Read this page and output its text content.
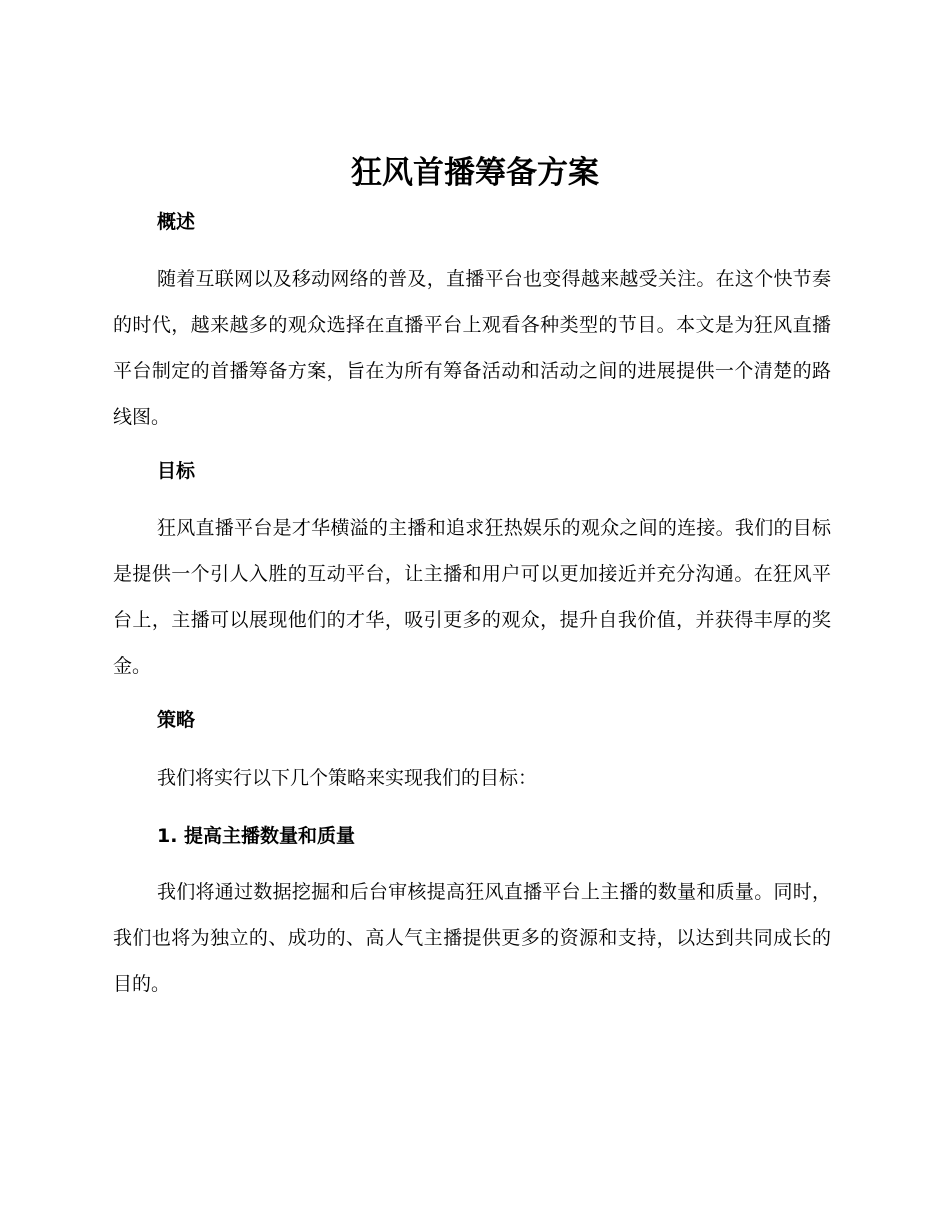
狂风首播筹备方案
概述

随着互联网以及移动网络的普及，直播平台也变得越来越受关注。在这个快节奏的时代，越来越多的观众选择在直播平台上观看各种类型的节目。本文是为狂风直播平台制定的首播筹备方案，旨在为所有筹备活动和活动之间的进展提供一个清楚的路线图。

目标

狂风直播平台是才华横溢的主播和追求狂热娱乐的观众之间的连接。我们的目标是提供一个引人入胜的互动平台，让主播和用户可以更加接近并充分沟通。在狂风平台上，主播可以展现他们的才华，吸引更多的观众，提升自我价值，并获得丰厚的奖金。

策略

我们将实行以下几个策略来实现我们的目标：

1. 提高主播数量和质量

我们将通过数据挖掘和后台审核提高狂风直播平台上主播的数量和质量。同时，我们也将为独立的、成功的、高人气主播提供更多的资源和支持，以达到共同成长的目的。
